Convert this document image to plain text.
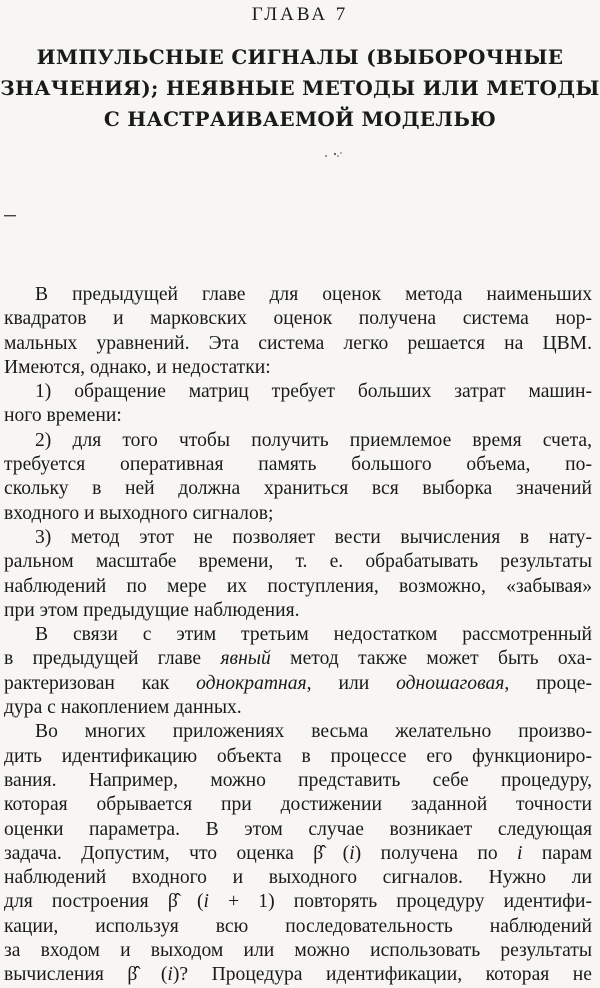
ГЛАВА 7
ИМПУЛЬСНЫЕ СИГНАЛЫ (ВЫБОРОЧНЫЕ
ЗНАЧЕНИЯ); НЕЯВНЫЕ МЕТОДЫ ИЛИ МЕТОДЫ
С НАСТРАИВАЕМОЙ МОДЕЛЬЮ
В предыдущей главе для оценок метода наименьших
квадратов и марковских оценок получена система нор-
мальных уравнений. Эта система легко решается на ЦВМ.
Имеются, однако, и недостатки:
1) обращение матриц требует больших затрат машин-
ного времени:
2) для того чтобы получить приемлемое время счета,
требуется оперативная память большого объема, по-
скольку в ней должна храниться вся выборка значений
входного и выходного сигналов;
3) метод этот не позволяет вести вычисления в нату-
ральном масштабе времени, т. е. обрабатывать результаты
наблюдений по мере их поступления, возможно, «забывая»
при этом предыдущие наблюдения.
В связи с этим третьим недостатком рассмотренный
в предыдущей главе явный метод также может быть оха-
рактеризован как однократная, или одношаговая, проце-
дура с накоплением данных.
Во многих приложениях весьма желательно произво-
дить идентификацию объекта в процессе его функциониро-
вания. Например, можно представить себе процедуру,
которая обрывается при достижении заданной точности
оценки параметра. В этом случае возникает следующая
задача. Допустим, что оценка β̂ (i) получена по i парам
наблюдений входного и выходного сигналов. Нужно ли
для построения β̂ (i + 1) повторять процедуру идентифи-
кации, используя всю последовательность наблюдений
за входом и выходом или можно использовать результаты
вычисления β̂ (i)? Процедура идентификации, которая не
